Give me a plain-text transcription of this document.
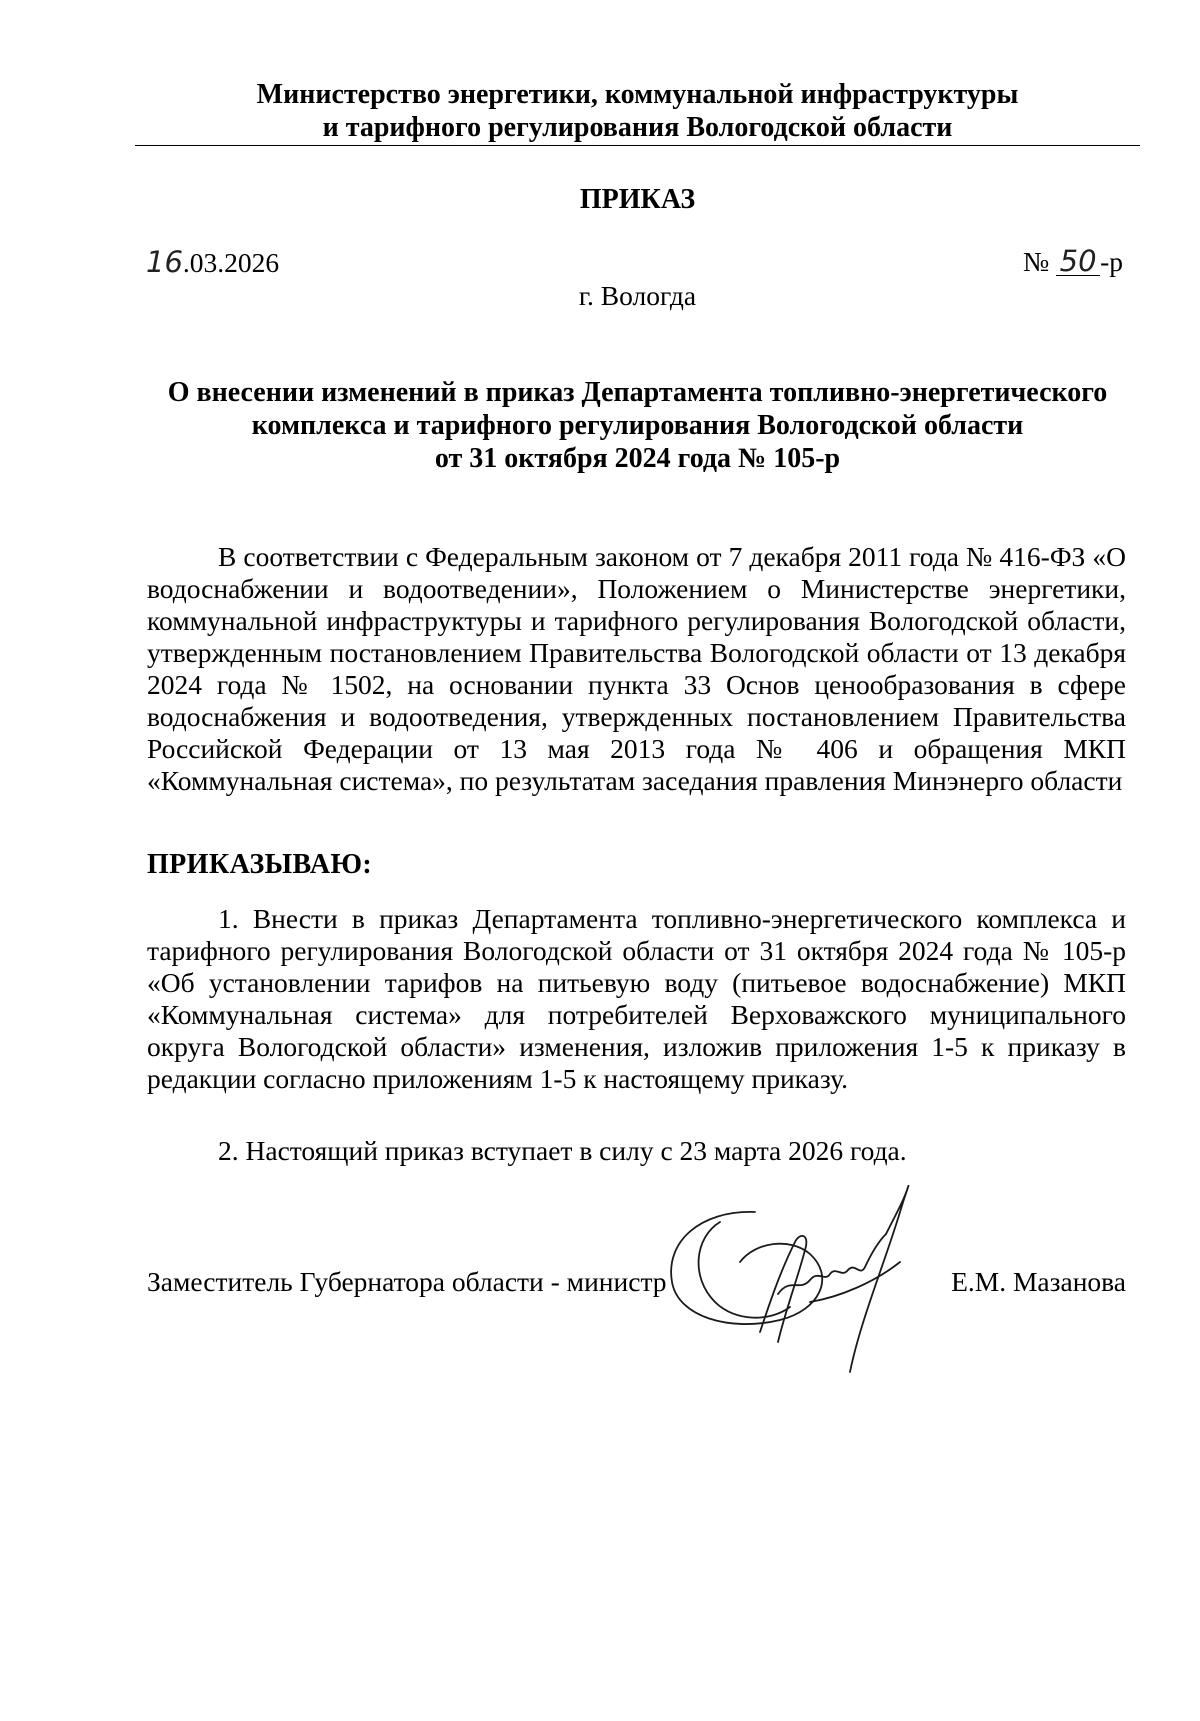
Министерство энергетики, коммунальной инфраструктуры
и тарифного регулирования Вологодской области
ПРИКАЗ
16.03.2026	№ 50 -р
г. Вологда
О внесении изменений в приказ Департамента топливно-энергетического
комплекса и тарифного регулирования Вологодской области
от 31 октября 2024 года № 105-р
В соответствии с Федеральным законом от 7 декабря 2011 года № 416-ФЗ «О водоснабжении и водоотведении», Положением о Министерстве энергетики, коммунальной инфраструктуры и тарифного регулирования Вологодской области, утвержденным постановлением Правительства Вологодской области от 13 декабря 2024 года № 1502, на основании пункта 33 Основ ценообразования в сфере водоснабжения и водоотведения, утвержденных постановлением Правительства Российской Федерации от 13 мая 2013 года № 406 и обращения МКП «Коммунальная система», по результатам заседания правления Минэнерго области
ПРИКАЗЫВАЮ:
1. Внести в приказ Департамента топливно-энергетического комплекса и тарифного регулирования Вологодской области от 31 октября 2024 года № 105-р «Об установлении тарифов на питьевую воду (питьевое водоснабжение) МКП «Коммунальная система» для потребителей Верховажского муниципального округа Вологодской области» изменения, изложив приложения 1-5 к приказу в редакции согласно приложениям 1-5 к настоящему приказу.
2. Настоящий приказ вступает в силу с 23 марта 2026 года.
Заместитель Губернатора области - министр	Е.М. Мазанова
